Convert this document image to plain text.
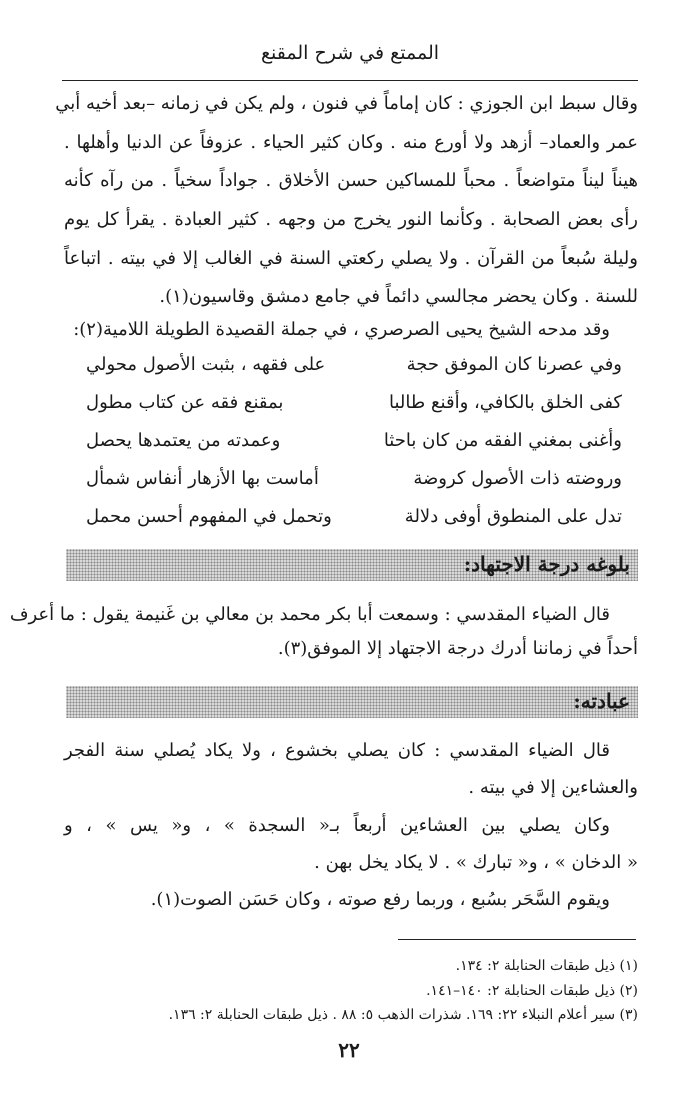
الممتع في شرح المقنع
وقال سبط ابن الجوزي : كان إماماً في فنون ، ولم يكن في زمانه –بعد أخيه أبي
عمر والعماد– أزهد ولا أورع منه . وكان كثير الحياء . عزوفاً عن الدنيا وأهلها .
هيناً ليناً متواضعاً . محباً للمساكين حسن الأخلاق . جواداً سخياً . من رآه كأنه
رأى بعض الصحابة . وكأنما النور يخرج من وجهه . كثير العبادة . يقرأ كل يوم
وليلة سُبعاً من القرآن . ولا يصلي ركعتي السنة في الغالب إلا في بيته . اتباعاً
للسنة . وكان يحضر مجالسي دائماً في جامع دمشق وقاسيون(١).
وقد مدحه الشيخ يحيى الصرصري ، في جملة القصيدة الطويلة اللامية(٢):
وفي عصرنا كان الموفق حجة
على فقهه ، بثبت الأصول محولي
كفى الخلق بالكافي، وأقنع طالبا
بمقنع فقه عن كتاب مطول
وأغنى بمغني الفقه من كان باحثا
وعمدته من يعتمدها يحصل
وروضته ذات الأصول كروضة
أماست بها الأزهار أنفاس شمأل
تدل على المنطوق أوفى دلالة
وتحمل في المفهوم أحسن محمل
بلوغه درجة الاجتهاد:
قال الضياء المقدسي : وسمعت أبا بكر محمد بن معالي بن غَنيمة يقول : ما أعرف
أحداً في زماننا أدرك درجة الاجتهاد إلا الموفق(٣).
عبادته:
قال الضياء المقدسي : كان يصلي بخشوع ، ولا يكاد يُصلي سنة الفجر
والعشاءين إلا في بيته .
وكان يصلي بين العشاءين أربعاً بـ« السجدة » ، و« يس » ، و
« الدخان » ، و« تبارك » . لا يكاد يخل بهن .
ويقوم السَّحَر بسُبع ، وربما رفع صوته ، وكان حَسَن الصوت(١).
(١) ذيل طبقات الحنابلة ٢: ١٣٤.
(٢) ذيل طبقات الحنابلة ٢: ١٤٠–١٤١.
(٣) سير أعلام النبلاء ٢٢: ١٦٩. شذرات الذهب ٥: ٨٨ . ذيل طبقات الحنابلة ٢: ١٣٦.
٢٢
